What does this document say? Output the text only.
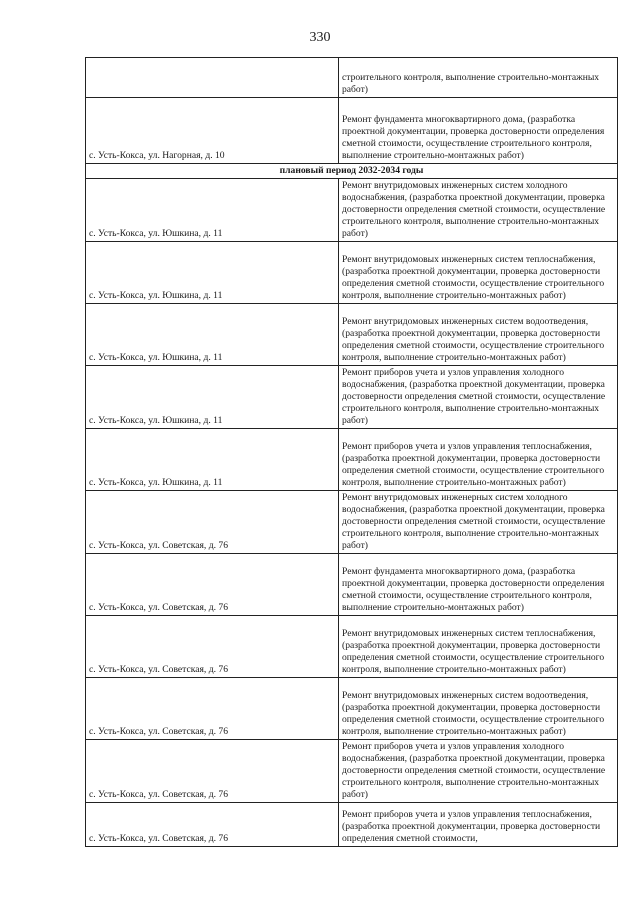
330
	строительного контроля, выполнение строительно-монтажных работ)
с. Усть-Кокса, ул. Нагорная, д. 10	Ремонт фундамента многоквартирного дома, (разработка проектной документации, проверка достоверности определения сметной стоимости, осуществление строительного контроля, выполнение строительно-монтажных работ)
плановый период 2032-2034 годы	
с. Усть-Кокса, ул. Юшкина, д. 11	Ремонт внутридомовых инженерных систем холодного водоснабжения, (разработка проектной документации, проверка достоверности определения сметной стоимости, осуществление строительного контроля, выполнение строительно-монтажных работ)
с. Усть-Кокса, ул. Юшкина, д. 11	Ремонт внутридомовых инженерных систем теплоснабжения, (разработка проектной документации, проверка достоверности определения сметной стоимости, осуществление строительного контроля, выполнение строительно-монтажных работ)
с. Усть-Кокса, ул. Юшкина, д. 11	Ремонт внутридомовых инженерных систем водоотведения, (разработка проектной документации, проверка достоверности определения сметной стоимости, осуществление строительного контроля, выполнение строительно-монтажных работ)
с. Усть-Кокса, ул. Юшкина, д. 11	Ремонт приборов учета и узлов управления холодного водоснабжения, (разработка проектной документации, проверка достоверности определения сметной стоимости, осуществление строительного контроля, выполнение строительно-монтажных работ)
с. Усть-Кокса, ул. Юшкина, д. 11	Ремонт приборов учета и узлов управления теплоснабжения, (разработка проектной документации, проверка достоверности определения сметной стоимости, осуществление строительного контроля, выполнение строительно-монтажных работ)
с. Усть-Кокса, ул. Советская, д. 76	Ремонт внутридомовых инженерных систем холодного водоснабжения, (разработка проектной документации, проверка достоверности определения сметной стоимости, осуществление строительного контроля, выполнение строительно-монтажных работ)
с. Усть-Кокса, ул. Советская, д. 76	Ремонт фундамента многоквартирного дома, (разработка проектной документации, проверка достоверности определения сметной стоимости, осуществление строительного контроля, выполнение строительно-монтажных работ)
с. Усть-Кокса, ул. Советская, д. 76	Ремонт внутридомовых инженерных систем теплоснабжения, (разработка проектной документации, проверка достоверности определения сметной стоимости, осуществление строительного контроля, выполнение строительно-монтажных работ)
с. Усть-Кокса, ул. Советская, д. 76	Ремонт внутридомовых инженерных систем водоотведения, (разработка проектной документации, проверка достоверности определения сметной стоимости, осуществление строительного контроля, выполнение строительно-монтажных работ)
с. Усть-Кокса, ул. Советская, д. 76	Ремонт приборов учета и узлов управления холодного водоснабжения, (разработка проектной документации, проверка достоверности определения сметной стоимости, осуществление строительного контроля, выполнение строительно-монтажных работ)
с. Усть-Кокса, ул. Советская, д. 76	Ремонт приборов учета и узлов управления теплоснабжения, (разработка проектной документации, проверка достоверности определения сметной стоимости,
